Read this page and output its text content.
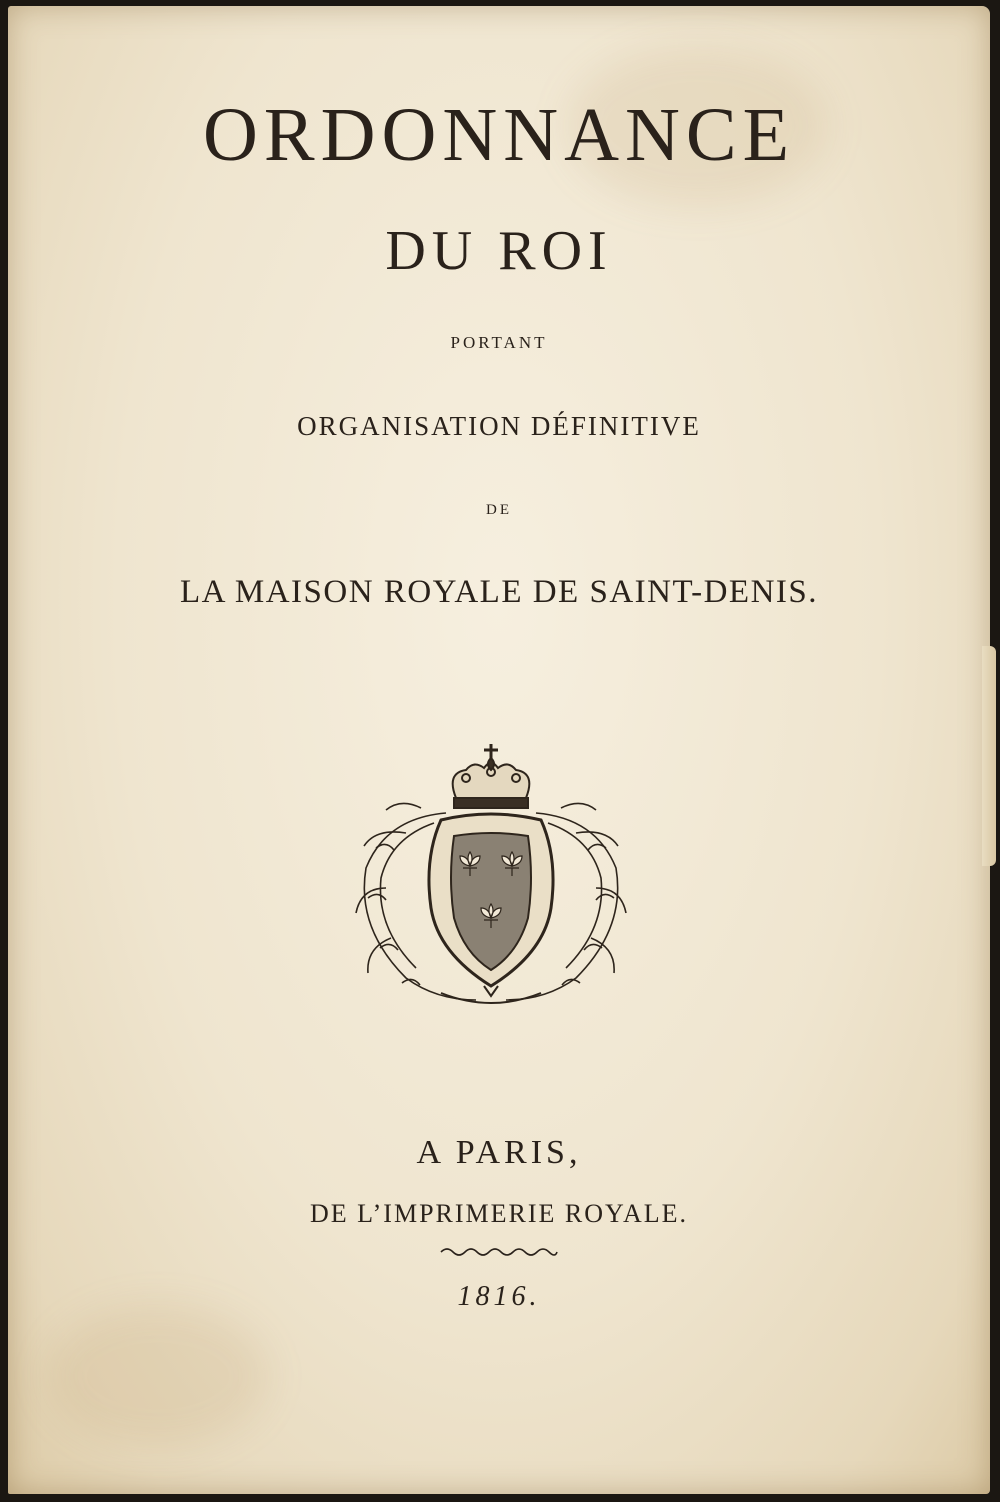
ORDONNANCE
DU ROI
PORTANT
ORGANISATION DÉFINITIVE
DE
LA MAISON ROYALE DE SAINT-DENIS.
A PARIS,
DE L’IMPRIMERIE ROYALE.
1816.
